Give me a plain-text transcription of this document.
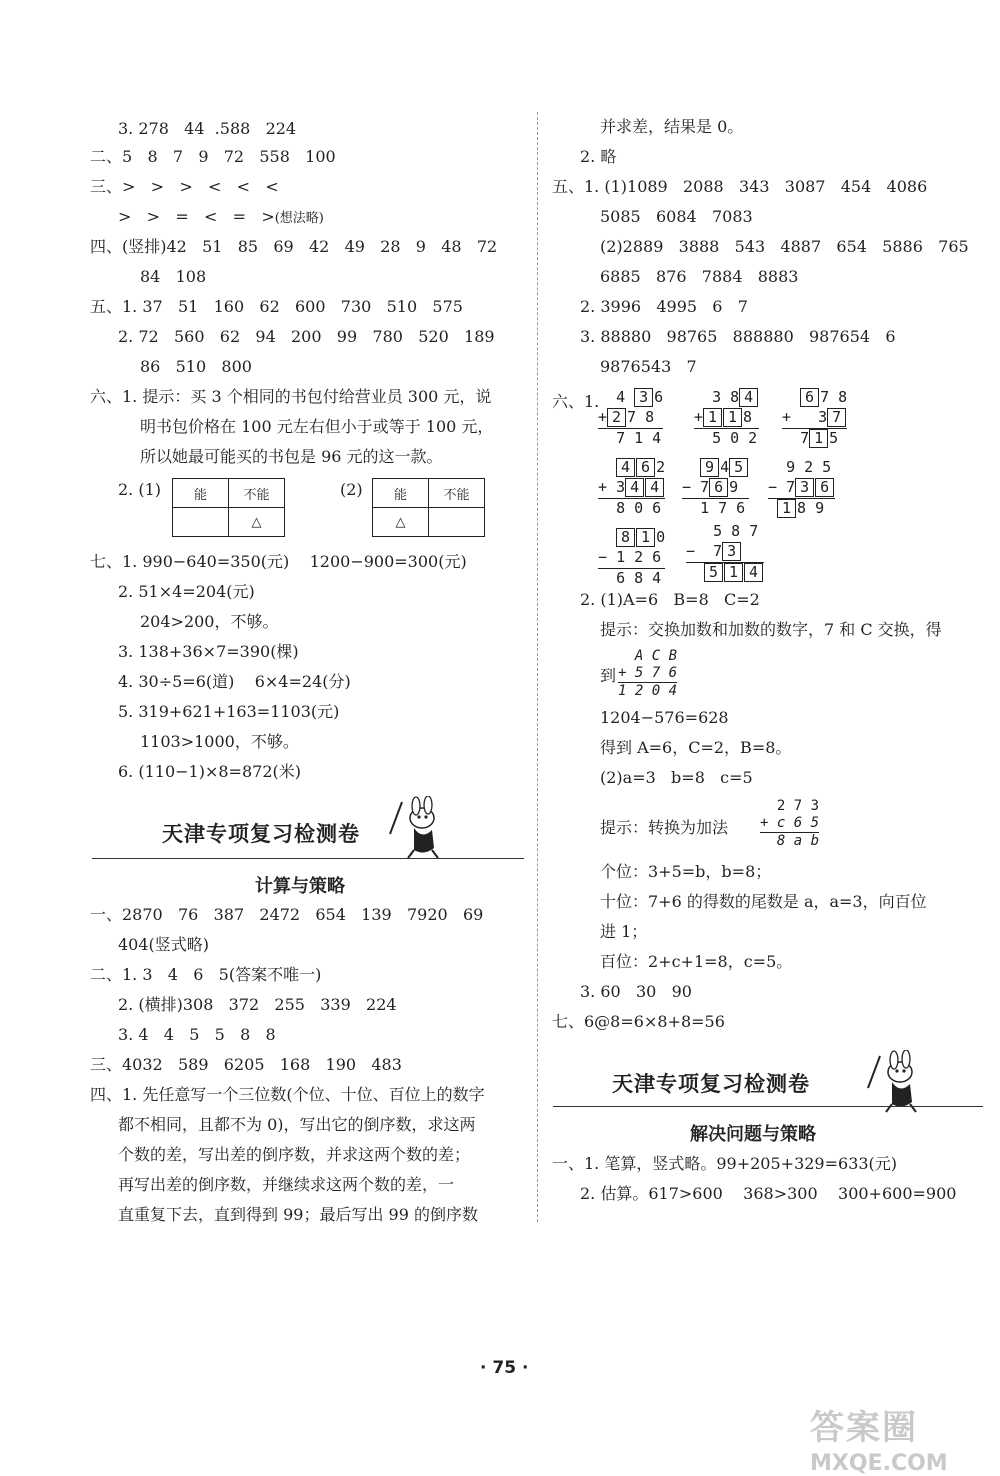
3. 278   44  .588   224
二、5   8   7   9   72   558   100
三、>   >   >   <   <   <
>   >   =   <   =   >(想法略)
四、(竖排)42   51   85   69   42   49   28   9   48   72
84   108
五、1. 37   51   160   62   600   730   510   575
2. 72   560   62   94   200   99   780   520   189
86   510   800
六、1. 提示：买 3 个相同的书包付给营业员 300 元，说
明书包价格在 100 元左右但小于或等于 100 元，
所以她最可能买的书包是 96 元的这一款。
2. (1)	能	不能
	△
(2) 能	不能
△	
七、1. 990−640=350(元)    1200−900=300(元)
2. 51×4=204(元)
204>200，不够。
3. 138+36×7=390(棵)
4. 30÷5=6(道)    6×4=24(分)
5. 319+621+163=1103(元)
1103>1000，不够。
6. (110−1)×8=872(米)
天津专项复习检测卷
计算与策略
一、2870   76   387   2472   654   139   7920   69
404(竖式略)
二、1. 3   4   6   5(答案不唯一)
2. (横排)308   372   255   339   224
3. 4   4   5   5   8   8
三、4032   589   6205   168   190   483
四、1. 先任意写一个三位数(个位、十位、百位上的数字
都不相同，且都不为 0)，写出它的倒序数，求这两
个数的差，写出差的倒序数，并求这两个数的差；
再写出差的倒序数，并继续求这两个数的差，一
直重复下去，直到得到 99；最后写出 99 的倒序数
并求差，结果是 0。
2. 略
五、1. (1)1089   2088   343   3087   454   4086
5085   6084   7083
(2)2889   3888   543   4887   654   5886   765
6885   876   7884   8883
2. 3996   4995   6   7
3. 88880   98765   888880   987654   6
9876543   7
六、1.	4 3 6
+ 2 7 8
7 1 4
3 8 4
+ 1 1 8
5 0 2
6 7 8
+ 3 7
7 1 5
4 6 2
+ 3 4 4
8 0 6
9 4 5
− 7 6 9
1 7 6
9 2 5
− 7 3 6
1 8 9
8 1 0
− 1 2 6
6 8 4
5 8 7
− 7 3
5 1 4
2. (1)A=6   B=8   C=2
提示：交换加数和加数的数字，7 和 C 交换，得
到
A C B
+ 5 7 6
1 2 0 4
1204−576=628
得到 A=6，C=2，B=8。
(2)a=3   b=8   c=5
提示：转换为加法
2 7 3
+ c 6 5
8 a b
个位：3+5=b，b=8；
十位：7+6 的得数的尾数是 a，a=3，向百位
进 1；
百位：2+c+1=8，c=5。
3. 60   30   90
七、6@8=6×8+8=56
天津专项复习检测卷
解决问题与策略
一、1. 笔算，竖式略。99+205+329=633(元)
2. 估算。617>600    368>300    300+600=900
· 75 ·
答案圈
MXQE.COM
